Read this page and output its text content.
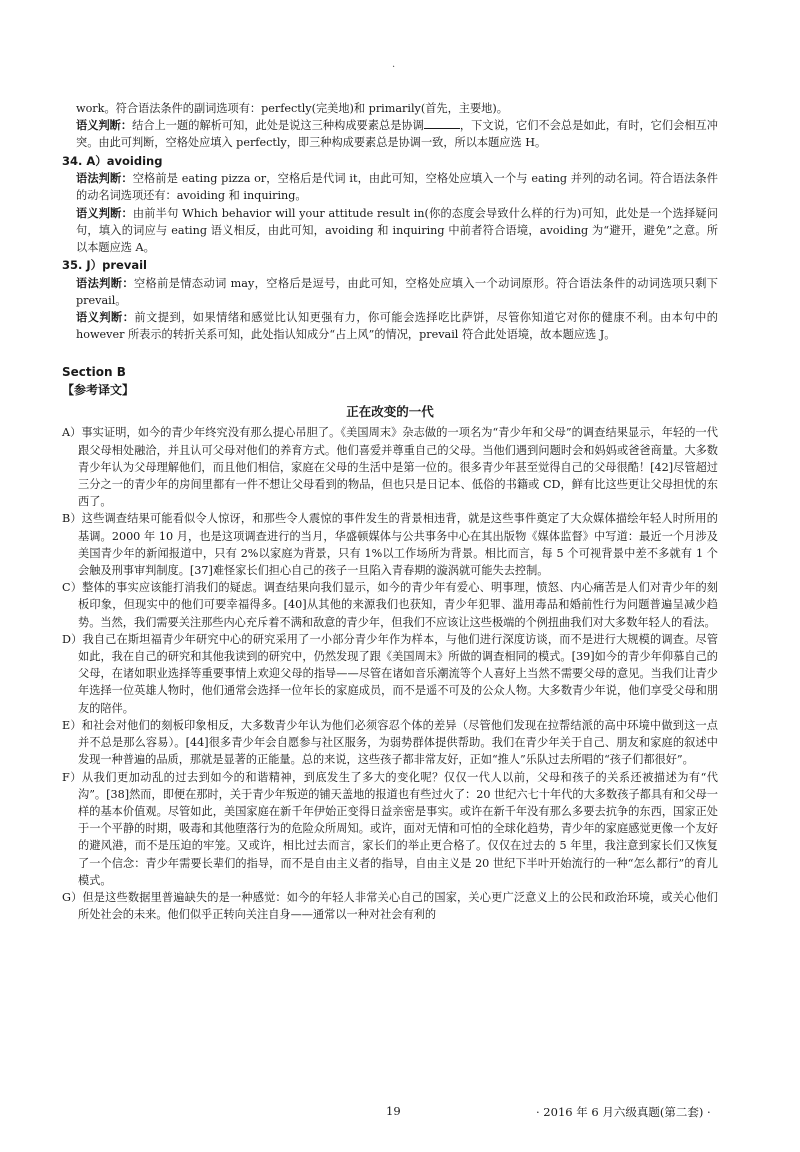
·

work。符合语法条件的副词选项有：perfectly(完美地)和 primarily(首先，主要地)。

语义判断：结合上一题的解析可知，此处是说这三种构成要素总是协调	，下文说，它们不会总是如此，有时，它们会相互冲突。由此可判断，空格处应填入 perfectly，即三种构成要素总是协调一致，所以本题应选 H。

34. A）avoiding

语法判断：空格前是 eating pizza or，空格后是代词 it，由此可知，空格处应填入一个与 eating 并列的动名词。符合语法条件的动名词选项还有：avoiding 和 inquiring。

语义判断：由前半句 Which behavior will your attitude result in(你的态度会导致什么样的行为)可知，此处是一个选择疑问句，填入的词应与 eating 语义相反，由此可知，avoiding 和 inquiring 中前者符合语境，avoiding 为“避开，避免”之意。所以本题应选 A。

35. J）prevail

语法判断：空格前是情态动词 may，空格后是逗号，由此可知，空格处应填入一个动词原形。符合语法条件的动词选项只剩下 prevail。

语义判断：前文提到，如果情绪和感觉比认知更强有力，你可能会选择吃比萨饼，尽管你知道它对你的健康不利。由本句中的 however 所表示的转折关系可知，此处指认知成分“占上风”的情况，prevail 符合此处语境，故本题应选 J。

Section B

【参考译文】

正在改变的一代

A）事实证明，如今的青少年终究没有那么提心吊胆了。《美国周末》杂志做的一项名为“青少年和父母”的调查结果显示，年轻的一代跟父母相处融洽，并且认可父母对他们的养育方式。他们喜爱并尊重自己的父母。当他们遇到问题时会和妈妈或爸爸商量。大多数青少年认为父母理解他们，而且他们相信，家庭在父母的生活中是第一位的。很多青少年甚至觉得自己的父母很酷！[42]尽管超过三分之一的青少年的房间里都有一件不想让父母看到的物品，但也只是日记本、低俗的书籍或 CD，鲜有比这些更让父母担忧的东西了。

B）这些调查结果可能看似令人惊讶，和那些令人震惊的事件发生的背景相违背，就是这些事件奠定了大众媒体描绘年轻人时所用的基调。2000 年 10 月，也是这项调查进行的当月，华盛顿媒体与公共事务中心在其出版物《媒体监督》中写道：最近一个月涉及美国青少年的新闻报道中，只有 2%以家庭为背景，只有 1%以工作场所为背景。相比而言，每 5 个可视背景中差不多就有 1 个会触及刑事审判制度。[37]难怪家长们担心自己的孩子一旦陷入青春期的漩涡就可能失去控制。

C）整体的事实应该能打消我们的疑虑。调查结果向我们显示，如今的青少年有爱心、明事理，愤怒、内心痛苦是人们对青少年的刻板印象，但现实中的他们可要幸福得多。[40]从其他的来源我们也获知，青少年犯罪、滥用毒品和婚前性行为问题普遍呈减少趋势。当然，我们需要关注那些内心充斥着不满和敌意的青少年，但我们不应该让这些极端的个例扭曲我们对大多数年轻人的看法。

D）我自己在斯坦福青少年研究中心的研究采用了一小部分青少年作为样本，与他们进行深度访谈，而不是进行大规模的调查。尽管如此，我在自己的研究和其他我读到的研究中，仍然发现了跟《美国周末》所做的调查相同的模式。[39]如今的青少年仰慕自己的父母，在诸如职业选择等重要事情上欢迎父母的指导——尽管在诸如音乐潮流等个人喜好上当然不需要父母的意见。当我们让青少年选择一位英雄人物时，他们通常会选择一位年长的家庭成员，而不是遥不可及的公众人物。大多数青少年说，他们享受父母和朋友的陪伴。

E）和社会对他们的刻板印象相反，大多数青少年认为他们必须容忍个体的差异（尽管他们发现在拉帮结派的高中环境中做到这一点并不总是那么容易）。[44]很多青少年会自愿参与社区服务，为弱势群体提供帮助。我们在青少年关于自己、朋友和家庭的叙述中发现一种普遍的品质，那就是显著的正能量。总的来说，这些孩子都非常友好，正如“推人”乐队过去所唱的“孩子们都很好”。

F）从我们更加动乱的过去到如今的和谐精神，到底发生了多大的变化呢？仅仅一代人以前，父母和孩子的关系还被描述为有“代沟”。[38]然而，即便在那时，关于青少年叛逆的铺天盖地的报道也有些过火了：20 世纪六七十年代的大多数孩子都具有和父母一样的基本价值观。尽管如此，美国家庭在新千年伊始正变得日益亲密是事实。或许在新千年没有那么多要去抗争的东西，国家正处于一个平静的时期，吸毒和其他堕落行为的危险众所周知。或许，面对无情和可怕的全球化趋势，青少年的家庭感觉更像一个友好的避风港，而不是压迫的牢笼。又或许，相比过去而言，家长们的举止更合格了。仅仅在过去的 5 年里，我注意到家长们又恢复了一个信念：青少年需要长辈们的指导，而不是自由主义者的指导，自由主义是 20 世纪下半叶开始流行的一种“怎么都行”的育儿模式。

G）但是这些数据里普遍缺失的是一种感觉：如今的年轻人非常关心自己的国家，关心更广泛意义上的公民和政治环境，或关心他们所处社会的未来。他们似乎正转向关注自身——通常以一种对社会有利的

19	· 2016 年 6 月六级真题(第二套) ·
